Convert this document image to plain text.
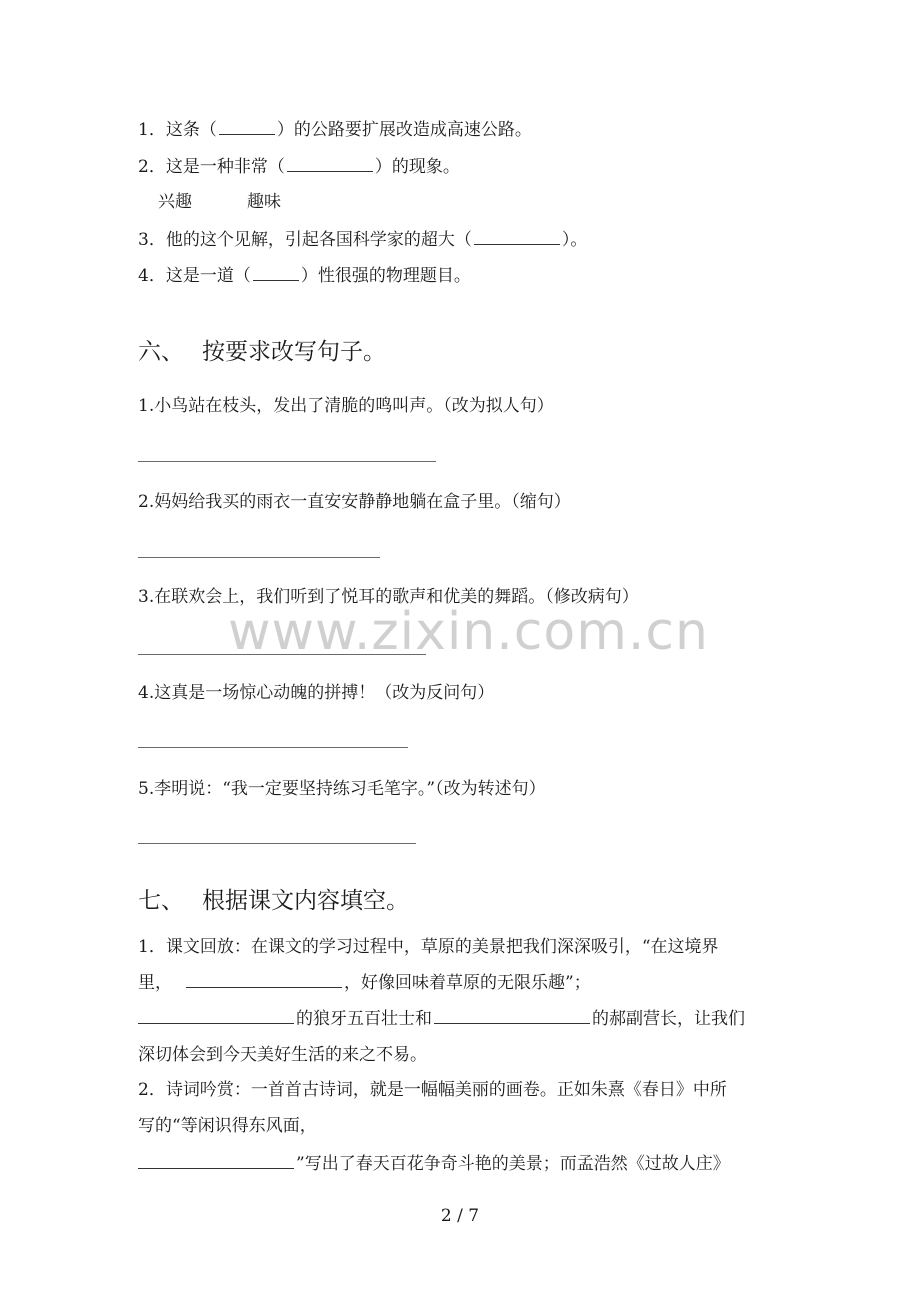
1．这条（	）的公路要扩展改造成高速公路。
2．这是一种非常（	）的现象。
兴趣	趣味
3．他的这个见解，引起各国科学家的超大（	）。
4．这是一道（	）性很强的物理题目。
六、 按要求改写句子。
1.小鸟站在枝头，发出了清脆的鸣叫声。（改为拟人句）
2.妈妈给我买的雨衣一直安安静静地躺在盒子里。（缩句）
3.在联欢会上，我们听到了悦耳的歌声和优美的舞蹈。（修改病句）
4.这真是一场惊心动魄的拼搏！（改为反问句）
5.李明说：“我一定要坚持练习毛笔字。”（改为转述句）
七、 根据课文内容填空。
1．课文回放：在课文的学习过程中，草原的美景把我们深深吸引，“在这境界
里，	，好像回味着草原的无限乐趣”；
的狼牙五百壮士和	的郝副营长，让我们
深切体会到今天美好生活的来之不易。
2．诗词吟赏：一首首古诗词，就是一幅幅美丽的画卷。正如朱熹《春日》中所
写的“等闲识得东风面，
”写出了春天百花争奇斗艳的美景；而孟浩然《过故人庄》
www.zixin.com.cn
2 / 7
